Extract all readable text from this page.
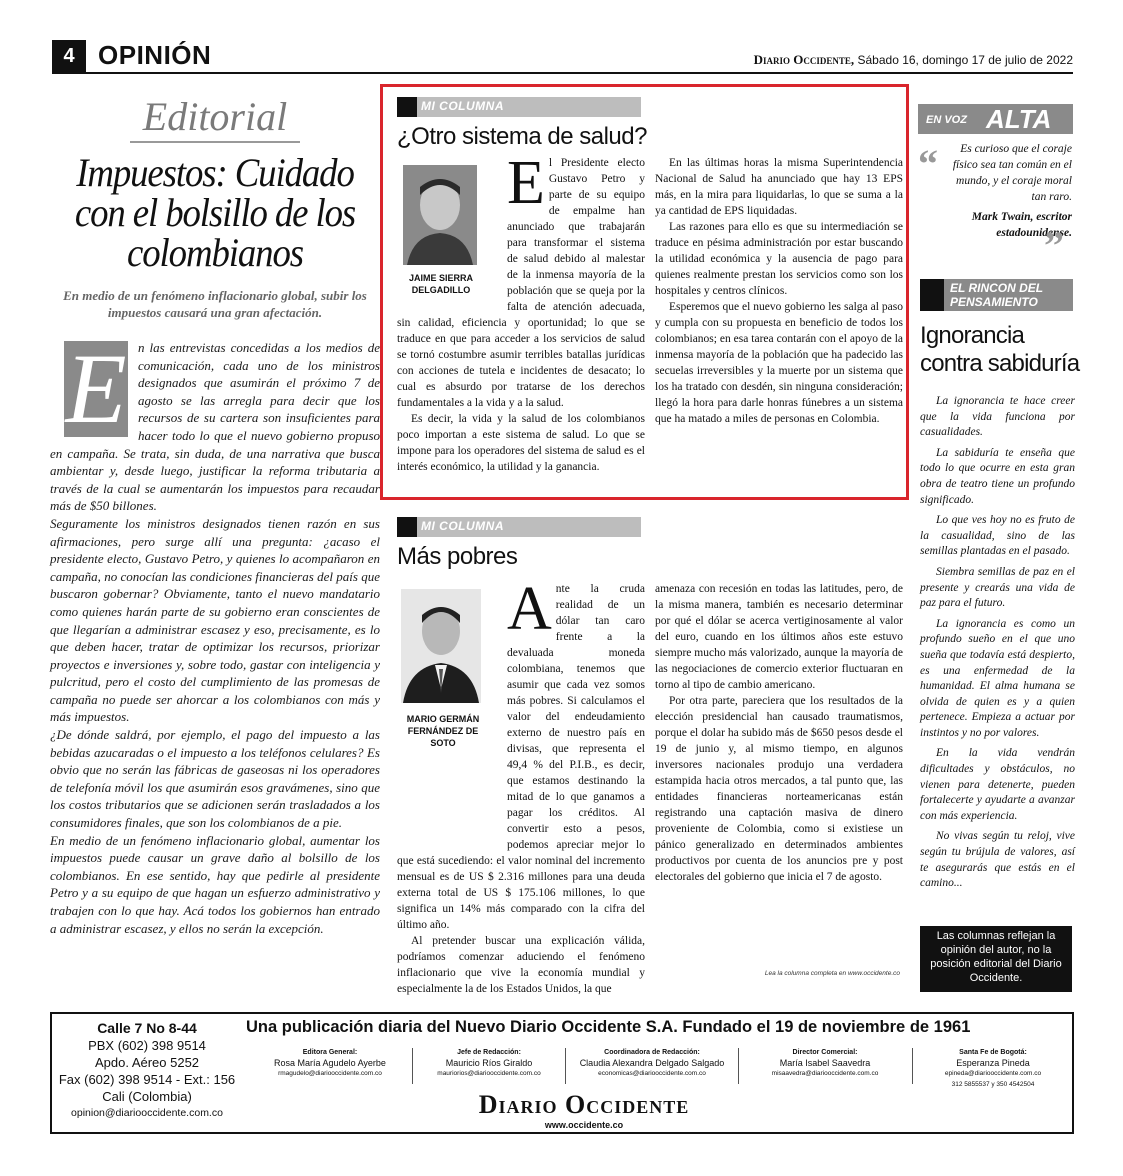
4 OPINIÓN	Diario Occidente, Sábado 16, domingo 17 de julio de 2022
Editorial
Impuestos: Cuidado con el bolsillo de los colombianos
En medio de un fenómeno inflacionario global, subir los impuestos causará una gran afectación.
E n las entrevistas concedidas a los medios de comunicación, cada uno de los ministros designados que asumirán el próximo 7 de agosto se las arregla para decir que los recursos de su cartera son insuficientes para hacer todo lo que el nuevo gobierno propuso en campaña. Se trata, sin duda, de una narrativa que busca ambientar y, desde luego, justificar la reforma tributaria a través de la cual se aumentarán los impuestos para recaudar más de $50 billones.

Seguramente los ministros designados tienen razón en sus afirmaciones, pero surge allí una pregunta: ¿acaso el presidente electo, Gustavo Petro, y quienes lo acompañaron en campaña, no conocían las condiciones financieras del país que buscaron gobernar? Obviamente, tanto el nuevo mandatario como quienes harán parte de su gobierno eran conscientes de que llegarían a administrar escasez y eso, precisamente, es lo que deben hacer, tratar de optimizar los recursos, priorizar proyectos e inversiones y, sobre todo, gastar con inteligencia y pulcritud, pero el costo del cumplimiento de las promesas de campaña no puede ser ahorcar a los colombianos con más y más impuestos.

¿De dónde saldrá, por ejemplo, el pago del impuesto a las bebidas azucaradas o el impuesto a los teléfonos celulares? Es obvio que no serán las fábricas de gaseosas ni los operadores de telefonía móvil los que asumirán esos gravámenes, sino que los costos tributarios que se adicionen serán trasladados a los consumidores finales, que son los colombianos de a pie.

En medio de un fenómeno inflacionario global, aumentar los impuestos puede causar un grave daño al bolsillo de los colombianos. En ese sentido, hay que pedirle al presidente Petro y a su equipo de que hagan un esfuerzo administrativo y trabajen con lo que hay. Acá todos los gobiernos han entrado a administrar escasez, y ellos no serán la excepción.

MI COLUMNA
¿Otro sistema de salud?
JAIME SIERRA DELGADILLO
E l Presidente electo Gustavo Petro y parte de su equipo de empalme han anunciado que trabajarán para transformar el sistema de salud debido al malestar de la inmensa mayoría de la población que se queja por la falta de atención adecuada, sin calidad, eficiencia y oportunidad; lo que se traduce en que para acceder a los servicios de salud se tornó costumbre asumir terribles batallas jurídicas con acciones de tutela e incidentes de desacato; lo cual es absurdo por tratarse de los derechos fundamentales a la vida y a la salud.

Es decir, la vida y la salud de los colombianos poco importan a este sistema de salud. Lo que se impone para los operadores del sistema de salud es el interés económico, la utilidad y la ganancia.

En las últimas horas la misma Superintendencia Nacional de Salud ha anunciado que hay 13 EPS más, en la mira para liquidarlas, lo que se suma a la ya cantidad de EPS liquidadas.

Las razones para ello es que su intermediación se traduce en pésima administración por estar buscando la utilidad económica y la ausencia de pago para quienes realmente prestan los servicios como son los hospitales y centros clínicos.

Esperemos que el nuevo gobierno les salga al paso y cumpla con su propuesta en beneficio de todos los colombianos; en esa tarea contarán con el apoyo de la inmensa mayoría de la población que ha padecido las secuelas irreversibles y la muerte por un sistema que los ha tratado con desdén, sin ninguna consideración; llegó la hora para darle honras fúnebres a un sistema que ha matado a miles de personas en Colombia.

MI COLUMNA
Más pobres
MARIO GERMÁN FERNÁNDEZ DE SOTO
A nte la cruda realidad de un dólar tan caro frente a la devaluada moneda colombiana, tenemos que asumir que cada vez somos más pobres. Si calculamos el valor del endeudamiento externo de nuestro país en divisas, que representa el 49,4 % del P.I.B., es decir, que estamos destinando la mitad de lo que ganamos a pagar los créditos. Al convertir esto a pesos, podemos apreciar mejor lo que está sucediendo: el valor nominal del incremento mensual es de US $ 2.316 millones para una deuda externa total de US $ 175.106 millones, lo que significa un 14% más comparado con la cifra del último año.

Al pretender buscar una explicación válida, podríamos comenzar aduciendo el fenómeno inflacionario que vive la economía mundial y especialmente la de los Estados Unidos, la que

amenaza con recesión en todas las latitudes, pero, de la misma manera, también es necesario determinar por qué el dólar se acerca vertiginosamente al valor del euro, cuando en los últimos años este estuvo siempre mucho más valorizado, aunque la mayoría de las negociaciones de comercio exterior fluctuaran en torno al tipo de cambio americano.

Por otra parte, pareciera que los resultados de la elección presidencial han causado traumatismos, porque el dolar ha subido más de $650 pesos desde el 19 de junio y, al mismo tiempo, en algunos inversores nacionales produjo una verdadera estampida hacia otros mercados, a tal punto que, las entidades financieras norteamericanas están registrando una captación masiva de dinero proveniente de Colombia, como si existiese un pánico generalizado en determinados ambientes productivos por cuenta de los anuncios pre y post electorales del gobierno que inicia el 7 de agosto.

Lea la columna completa en www.occidente.co
EN VOZ ALTA
“	Es curioso que el coraje físico sea tan común en el mundo, y el coraje moral tan raro.
Mark Twain, escritor estadounidense.
”
EL RINCON DEL PENSAMIENTO
Ignorancia contra sabiduría

La ignorancia te hace creer que la vida funciona por casualidades.

La sabiduría te enseña que todo lo que ocurre en esta gran obra de teatro tiene un profundo significado.

Lo que ves hoy no es fruto de la casualidad, sino de las semillas plantadas en el pasado.

Siembra semillas de paz en el presente y crearás una vida de paz para el futuro.

La ignorancia es como un profundo sueño en el que uno sueña que todavía está despierto, es una enfermedad de la humanidad. El alma humana se olvida de quien es y a quien pertenece. Empieza a actuar por instintos y no por valores.

En la vida vendrán dificultades y obstáculos, no vienen para detenerte, pueden fortalecerte y ayudarte a avanzar con más experiencia.

No vivas según tu reloj, vive según tu brújula de valores, así te asegurarás que estás en el camino...

Las columnas reflejan la opinión del autor, no la posición editorial del Diario Occidente.
Calle 7 No 8-44
PBX (602) 398 9514
Apdo. Aéreo 5252
Fax (602) 398 9514 - Ext.: 156
Cali (Colombia)
opinion@diariooccidente.com.co
Una publicación diaria del Nuevo Diario Occidente S.A. Fundado el 19 de noviembre de 1961
Editora General:
Rosa María Agudelo Ayerbe
rmagudelo@diariooccidente.com.co
Jefe de Redacción:
Mauricio Ríos Giraldo
mauriorios@diariooccidente.com.co
Coordinadora de Redacción:
Claudia Alexandra Delgado Salgado
economicas@diariooccidente.com.co
Director Comercial:
María Isabel Saavedra
misaavedra@diariooccidente.com.co
Santa Fe de Bogotá:
Esperanza Pineda
epineda@diariooccidente.com.co
312 5855537 y 350 4542504
Diario Occidente
www.occidente.co
